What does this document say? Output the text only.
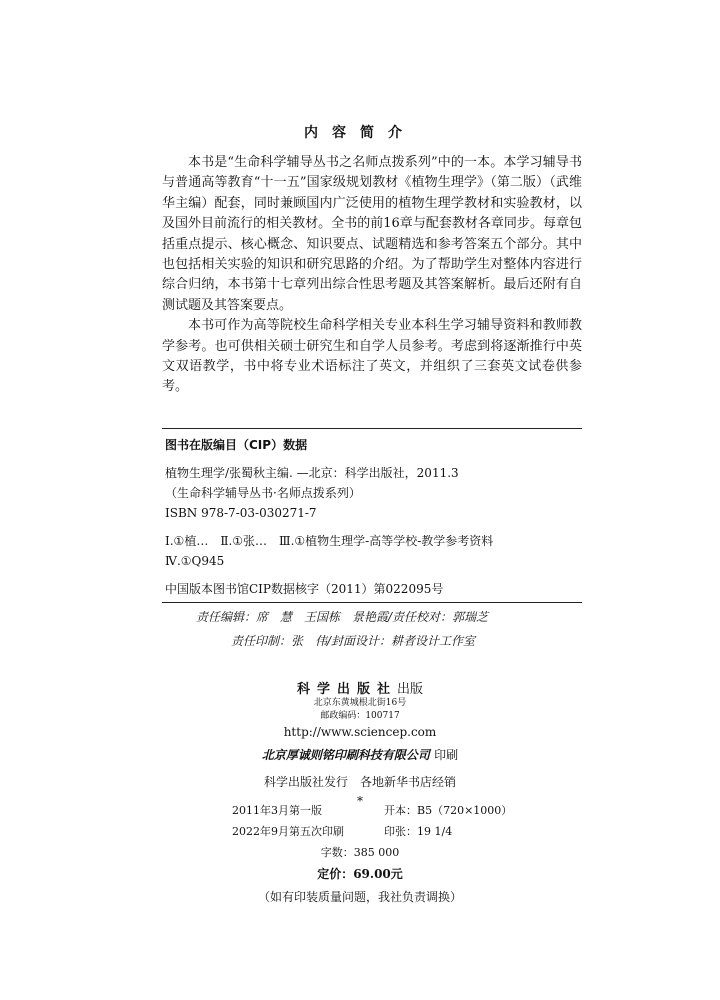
内容简介

本书是“生命科学辅导丛书之名师点拨系列”中的一本。本学习辅导书与普通高等教育“十一五”国家级规划教材《植物生理学》（第二版）（武维华主编）配套，同时兼顾国内广泛使用的植物生理学教材和实验教材，以及国外目前流行的相关教材。全书的前16章与配套教材各章同步。每章包括重点提示、核心概念、知识要点、试题精选和参考答案五个部分。其中也包括相关实验的知识和研究思路的介绍。为了帮助学生对整体内容进行综合归纳，本书第十七章列出综合性思考题及其答案解析。最后还附有自测试题及其答案要点。

本书可作为高等院校生命科学相关专业本科生学习辅导资料和教师教学参考。也可供相关硕士研究生和自学人员参考。考虑到将逐渐推行中英文双语教学，书中将专业术语标注了英文，并组织了三套英文试卷供参考。

图书在版编目（CIP）数据
植物生理学/张蜀秋主编. —北京：科学出版社，2011.3
（生命科学辅导丛书·名师点拨系列）
ISBN 978-7-03-030271-7
Ⅰ.①植…　Ⅱ.①张…　Ⅲ.①植物生理学-高等学校-教学参考资料
Ⅳ.①Q945
中国版本图书馆CIP数据核字（2011）第022095号
责任编辑：席　慧　王国栋　景艳霞/责任校对：郭瑞芝
责任印制：张　伟/封面设计：耕者设计工作室
科学出版社出版
北京东黄城根北街16号
邮政编码：100717
http://www.sciencep.com
北京厚诚则铭印刷科技有限公司 印刷
科学出版社发行　各地新华书店经销
*
2011年3月第一版	开本：B5（720×1000）
2022年9月第五次印刷	印张：19 1/4
字数：385 000
定价：69.00元
（如有印装质量问题，我社负责调换）
